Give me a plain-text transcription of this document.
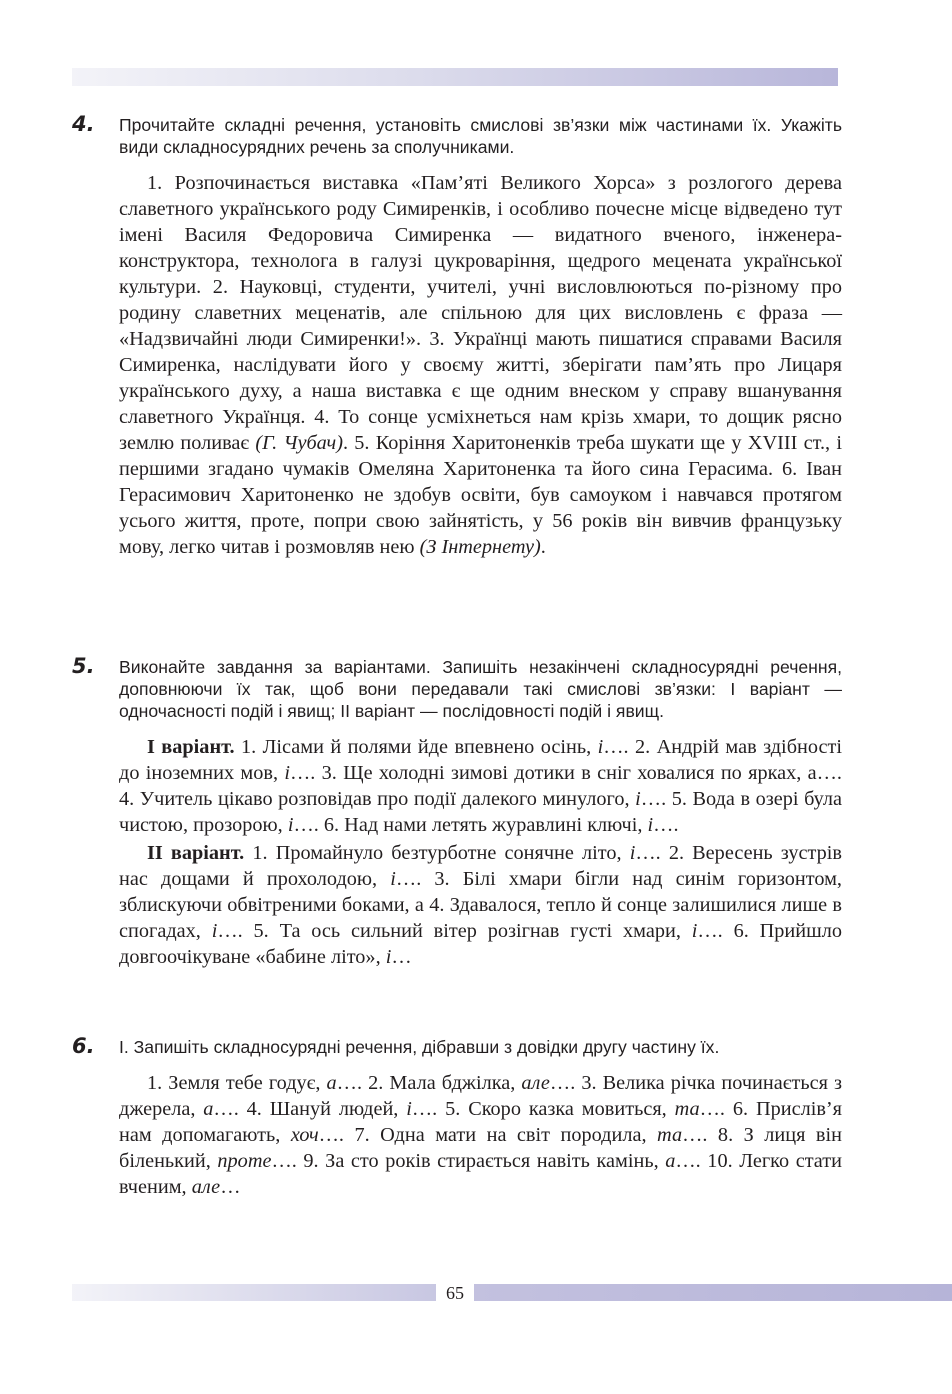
4. Прочитайте складні речення, установіть смислові зв’язки між частинами їх. Укажіть види складносурядних речень за сполучниками.

1. Розпочинається виставка «Пам’яті Великого Хорса» з розлогого дерева славетного українського роду Симиренків, і особливо почесне місце відведено тут імені Василя Федоровича Симиренка — видатного вченого, інженера-конструктора, технолога в галузі цукроваріння, щедрого мецената української культури. 2. Науковці, студенти, учителі, учні висловлюються по-різному про родину славетних меценатів, але спільною для цих висловлень є фраза — «Надзвичайні люди Симиренки!». 3. Українці мають пишатися справами Василя Симиренка, наслідувати його у своєму житті, зберігати пам’ять про Лицаря українського духу, а наша виставка є ще одним внеском у справу вшанування славетного Українця. 4. То сонце усміхнеться нам крізь хмари, то дощик рясно землю поливає (Г. Чубач). 5. Коріння Харитоненків треба шукати ще у XVIII ст., і першими згадано чумаків Омеляна Харитоненка та його сина Герасима. 6. Іван Герасимович Харитоненко не здобув освіти, був самоуком і навчався протягом усього життя, проте, попри свою зайнятість, у 56 років він вивчив французьку мову, легко читав і розмовляв нею (З Інтернету).

5. Виконайте завдання за варіантами. Запишіть незакінчені складносурядні речення, доповнюючи їх так, щоб вони передавали такі смислові зв’язки: І варіант — одночасності подій і явищ; ІІ варіант — послідовності подій і явищ.

І варіант. 1. Лісами й полями йде впевнено осінь, і…. 2. Андрій мав здібності до іноземних мов, і…. 3. Ще холодні зимові дотики в сніг ховалися по ярках, а…. 4. Учитель цікаво розповідав про події далекого минулого, і…. 5. Вода в озері була чистою, прозорою, і…. 6. Над нами летять журавлині ключі, і….

ІІ варіант. 1. Промайнуло безтурботне сонячне літо, і…. 2. Вересень зустрів нас дощами й прохолодою, і…. 3. Білі хмари бігли над синім горизонтом, зблискуючи обвітреними боками, а 4. Здавалося, тепло й сонце залишилися лише в спогадах, і…. 5. Та ось сильний вітер розігнав густі хмари, і…. 6. Прийшло довгоочікуване «бабине літо», і…

6. І. Запишіть складносурядні речення, дібравши з довідки другу частину їх.

1. Земля тебе годує, а…. 2. Мала бджілка, але…. 3. Велика річка починається з джерела, а…. 4. Шануй людей, і…. 5. Скоро казка мовиться, та…. 6. Прислів’я нам допомагають, хоч…. 7. Одна мати на світ породила, та…. 8. З лиця він біленький, проте…. 9. За сто років стирається навіть камінь, а…. 10. Легко стати вченим, але…

65
